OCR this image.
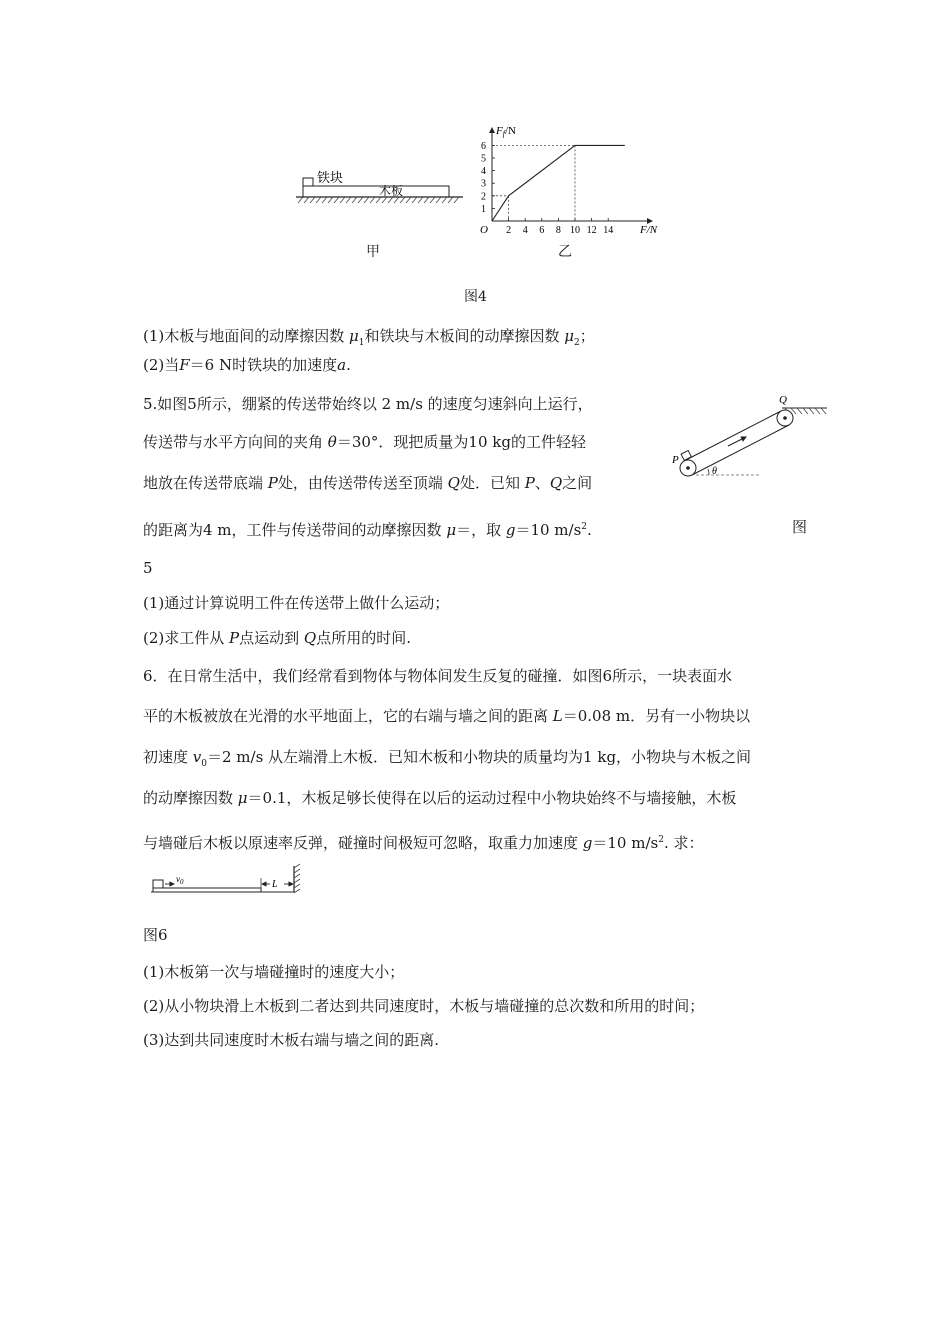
铁块
木板
甲
2 4 6 8 10 12 14
1
2
3
4
5
6
Ff/N
F/N
O
乙
图4
(1)木板与地面间的动摩擦因数 $\mu_1$和铁块与木板间的动摩擦因数 $\mu_2$；
(2)当F＝6 N时铁块的加速度a.
5.如图5所示，绷紧的传送带始终以 2 m/s 的速度匀速斜向上运行，
传送带与水平方向间的夹角 θ＝30°．现把质量为10 kg的工件轻轻
地放在传送带底端 P处，由传送带传送至顶端 Q处．已知 P、Q之间
的距离为4 m，工件与传送带间的动摩擦因数 μ＝，取 g＝10 $m/s^2$.	图
5
P
Q
θ
(1)通过计算说明工件在传送带上做什么运动；
(2)求工件从 P点运动到 Q点所用的时间.
6．在日常生活中，我们经常看到物体与物体间发生反复的碰撞．如图6所示，一块表面水
平的木板被放在光滑的水平地面上，它的右端与墙之间的距离 L＝0.08 m．另有一小物块以
初速度 $v_0=2$ m/s 从左端滑上木板．已知木板和小物块的质量均为1 kg，小物块与木板之间
的动摩擦因数 μ＝0.1，木板足够长使得在以后的运动过程中小物块始终不与墙接触，木板
与墙碰后木板以原速率反弹，碰撞时间极短可忽略，取重力加速度 g＝10 $m/s^2$. 求：
$v_0$	L
图6
(1)木板第一次与墙碰撞时的速度大小；
(2)从小物块滑上木板到二者达到共同速度时，木板与墙碰撞的总次数和所用的时间；
(3)达到共同速度时木板右端与墙之间的距离.
